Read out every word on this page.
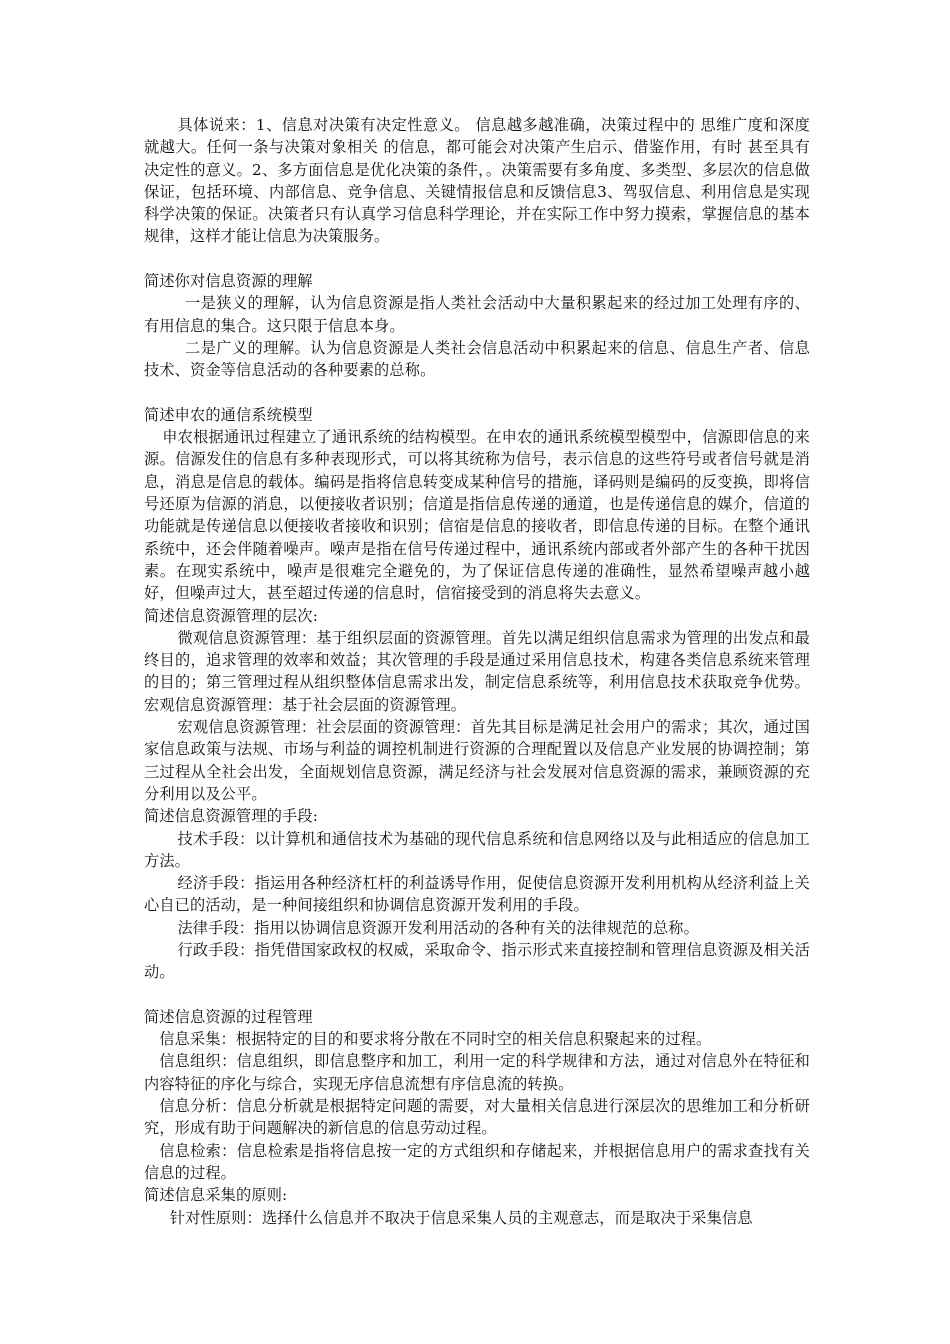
具体说来：1、信息对决策有决定性意义。 信息越多越准确，决策过程中的 思维广度和深度就越大。任何一条与决策对象相关 的信息，都可能会对决策产生启示、借鉴作用，有时 甚至具有决定性的意义。2、多方面信息是优化决策的条件，。决策需要有多角度、多类型、多层次的信息做保证，包括环境、内部信息、竞争信息、关键情报信息和反馈信息3、驾驭信息、利用信息是实现科学决策的保证。决策者只有认真学习信息科学理论，并在实际工作中努力摸索，掌握信息的基本规律，这样才能让信息为决策服务。

简述你对信息资源的理解

一是狭义的理解，认为信息资源是指人类社会活动中大量积累起来的经过加工处理有序的、有用信息的集合。这只限于信息本身。

二是广义的理解。认为信息资源是人类社会信息活动中积累起来的信息、信息生产者、信息技术、资金等信息活动的各种要素的总称。

简述申农的通信系统模型

申农根据通讯过程建立了通讯系统的结构模型。在申农的通讯系统模型模型中，信源即信息的来源。信源发住的信息有多种表现形式，可以将其统称为信号，表示信息的这些符号或者信号就是消息，消息是信息的载体。编码是指将信息转变成某种信号的措施，译码则是编码的反变换，即将信号还原为信源的消息，以便接收者识别；信道是指信息传递的通道，也是传递信息的媒介，信道的功能就是传递信息以便接收者接收和识别；信宿是信息的接收者，即信息传递的目标。在整个通讯系统中，还会伴随着噪声。噪声是指在信号传递过程中，通讯系统内部或者外部产生的各种干扰因素。在现实系统中，噪声是很难完全避免的，为了保证信息传递的准确性，显然希望噪声越小越好，但噪声过大，甚至超过传递的信息时，信宿接受到的消息将失去意义。

简述信息资源管理的层次:

微观信息资源管理：基于组织层面的资源管理。首先以满足组织信息需求为管理的出发点和最终目的，追求管理的效率和效益；其次管理的手段是通过采用信息技术，构建各类信息系统来管理的目的；第三管理过程从组织整体信息需求出发，制定信息系统等，利用信息技术获取竞争优势。宏观信息资源管理：基于社会层面的资源管理。

宏观信息资源管理：社会层面的资源管理：首先其目标是满足社会用户的需求；其次，通过国家信息政策与法规、市场与利益的调控机制进行资源的合理配置以及信息产业发展的协调控制；第三过程从全社会出发，全面规划信息资源，满足经济与社会发展对信息资源的需求，兼顾资源的充分利用以及公平。

简述信息资源管理的手段:

技术手段：以计算机和通信技术为基础的现代信息系统和信息网络以及与此相适应的信息加工方法。

经济手段：指运用各种经济杠杆的利益诱导作用，促使信息资源开发利用机构从经济利益上关心自已的活动，是一种间接组织和协调信息资源开发利用的手段。

法律手段：指用以协调信息资源开发利用活动的各种有关的法律规范的总称。

行政手段：指凭借国家政权的权威，采取命令、指示形式来直接控制和管理信息资源及相关活动。

简述信息资源的过程管理

信息采集：根据特定的目的和要求将分散在不同时空的相关信息积聚起来的过程。

信息组织：信息组织，即信息整序和加工，利用一定的科学规律和方法，通过对信息外在特征和内容特征的序化与综合，实现无序信息流想有序信息流的转换。

信息分析：信息分析就是根据特定问题的需要，对大量相关信息进行深层次的思维加工和分析研究，形成有助于问题解决的新信息的信息劳动过程。

信息检索：信息检索是指将信息按一定的方式组织和存储起来，并根据信息用户的需求查找有关信息的过程。

简述信息采集的原则:

针对性原则：选择什么信息并不取决于信息采集人员的主观意志，而是取决于采集信息
